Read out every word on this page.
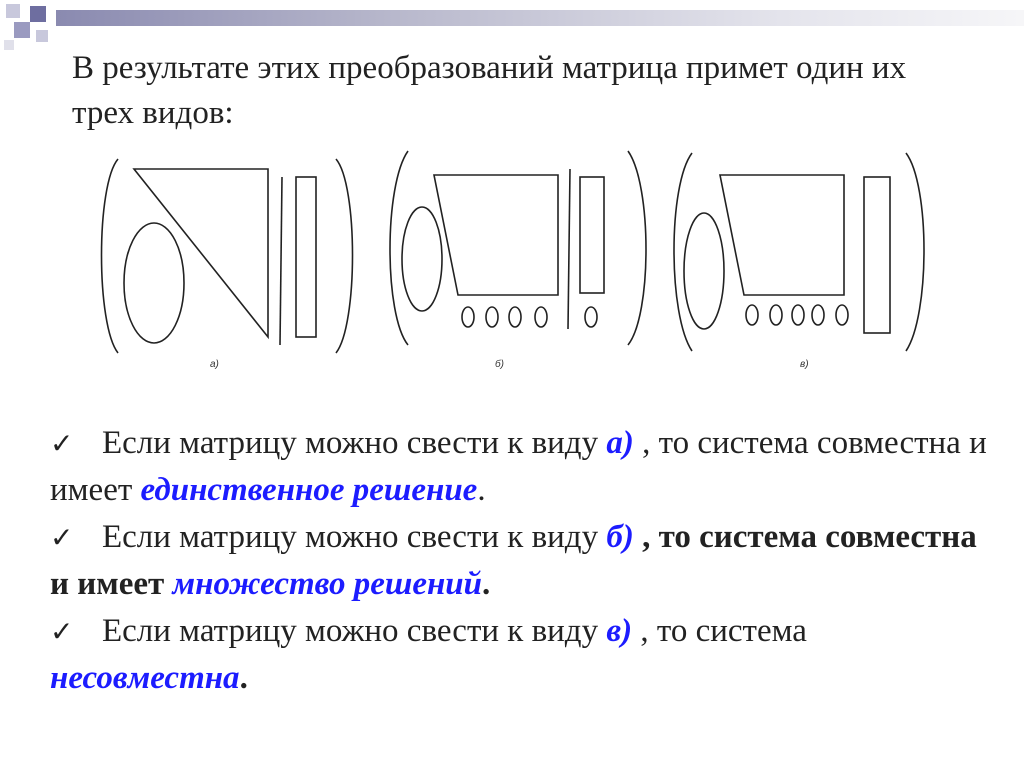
В результате этих преобразований матрица примет один их трех видов:

а)	б)	в)
✓ Если матрицу можно свести к виду а) , то система совместна и имеет единственное решение.
✓ Если матрицу можно свести к виду б) , то система совместна и имеет множество решений.
✓ Если матрицу можно свести к виду в) , то система несовместна.
